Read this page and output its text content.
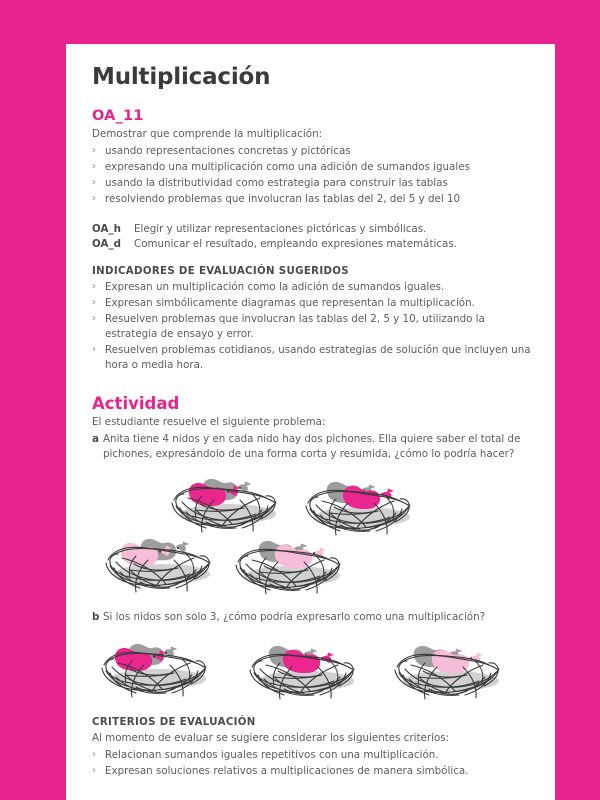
Multiplicación
OA_11

Demostrar que comprende la multiplicación:

› usando representaciones concretas y pictóricas
› expresando una multiplicación como una adición de sumandos iguales
› usando la distributividad como estrategia para construir las tablas
› resolviendo problemas que involucran las tablas del 2, del 5 y del 10
OA_h	Elegir y utilizar representaciones pictóricas y simbólicas.
OA_d	Comunicar el resultado, empleando expresiones matemáticas.
INDICADORES DE EVALUACIÓN SUGERIDOS
› Expresan un multiplicación como la adición de sumandos iguales.
› Expresan simbólicamente diagramas que representan la multiplicación.
› Resuelven problemas que involucran las tablas del 2, 5 y 10, utilizando la estrategia de ensayo y error.
› Resuelven problemas cotidianos, usando estrategias de solución que incluyen una hora o media hora.
Actividad

El estudiante resuelve el siguiente problema:

a Anita tiene 4 nidos y en cada nido hay dos pichones. Ella quiere saber el total de pichones, expresándolo de una forma corta y resumida, ¿cómo lo podría hacer?
b Si los nidos son solo 3, ¿cómo podría expresarlo como una multiplicación?
CRITERIOS DE EVALUACIÓN

Al momento de evaluar se sugiere considerar los siguientes criterios:

› Relacionan sumandos iguales repetitivos con una multiplicación.
› Expresan soluciones relativos a multiplicaciones de manera simbólica.
